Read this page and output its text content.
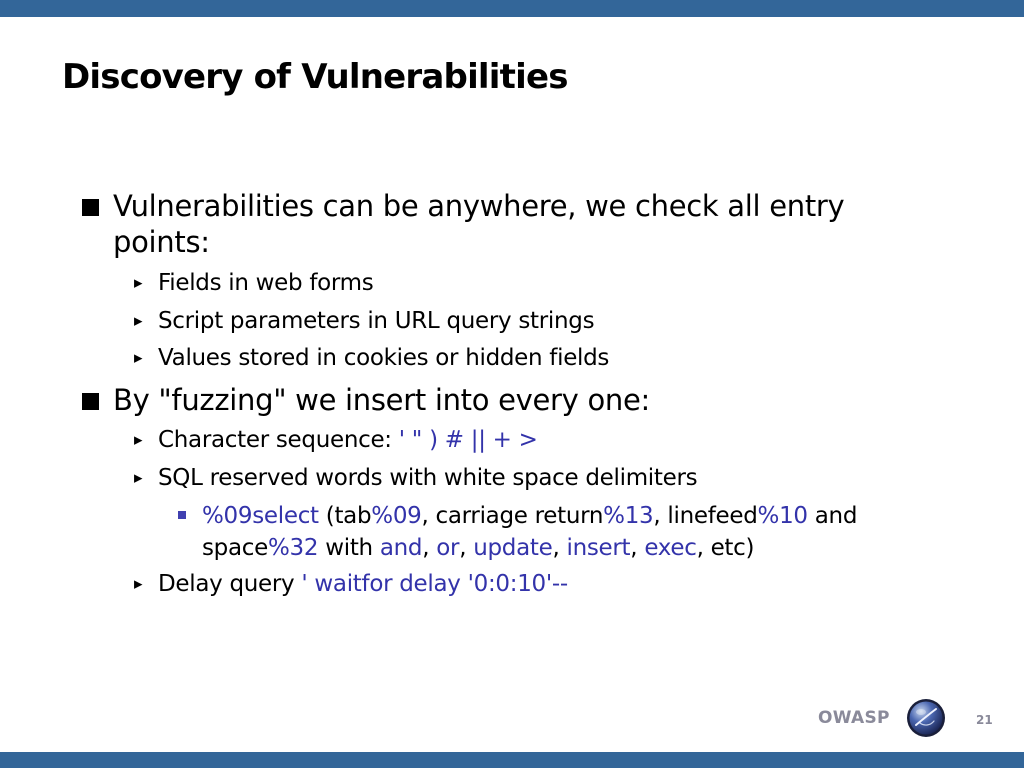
Discovery of Vulnerabilities
Vulnerabilities can be anywhere, we check all entry points:
▸ Fields in web forms
▸ Script parameters in URL query strings
▸ Values stored in cookies or hidden fields
By "fuzzing" we insert into every one:
▸ Character sequence: ' " ) # || + >
▸ SQL reserved words with white space delimiters
%09select (tab%09, carriage return%13, linefeed%10 and space%32 with and, or, update, insert, exec, etc)
▸ Delay query ' waitfor delay '0:0:10'--
OWASP	21
